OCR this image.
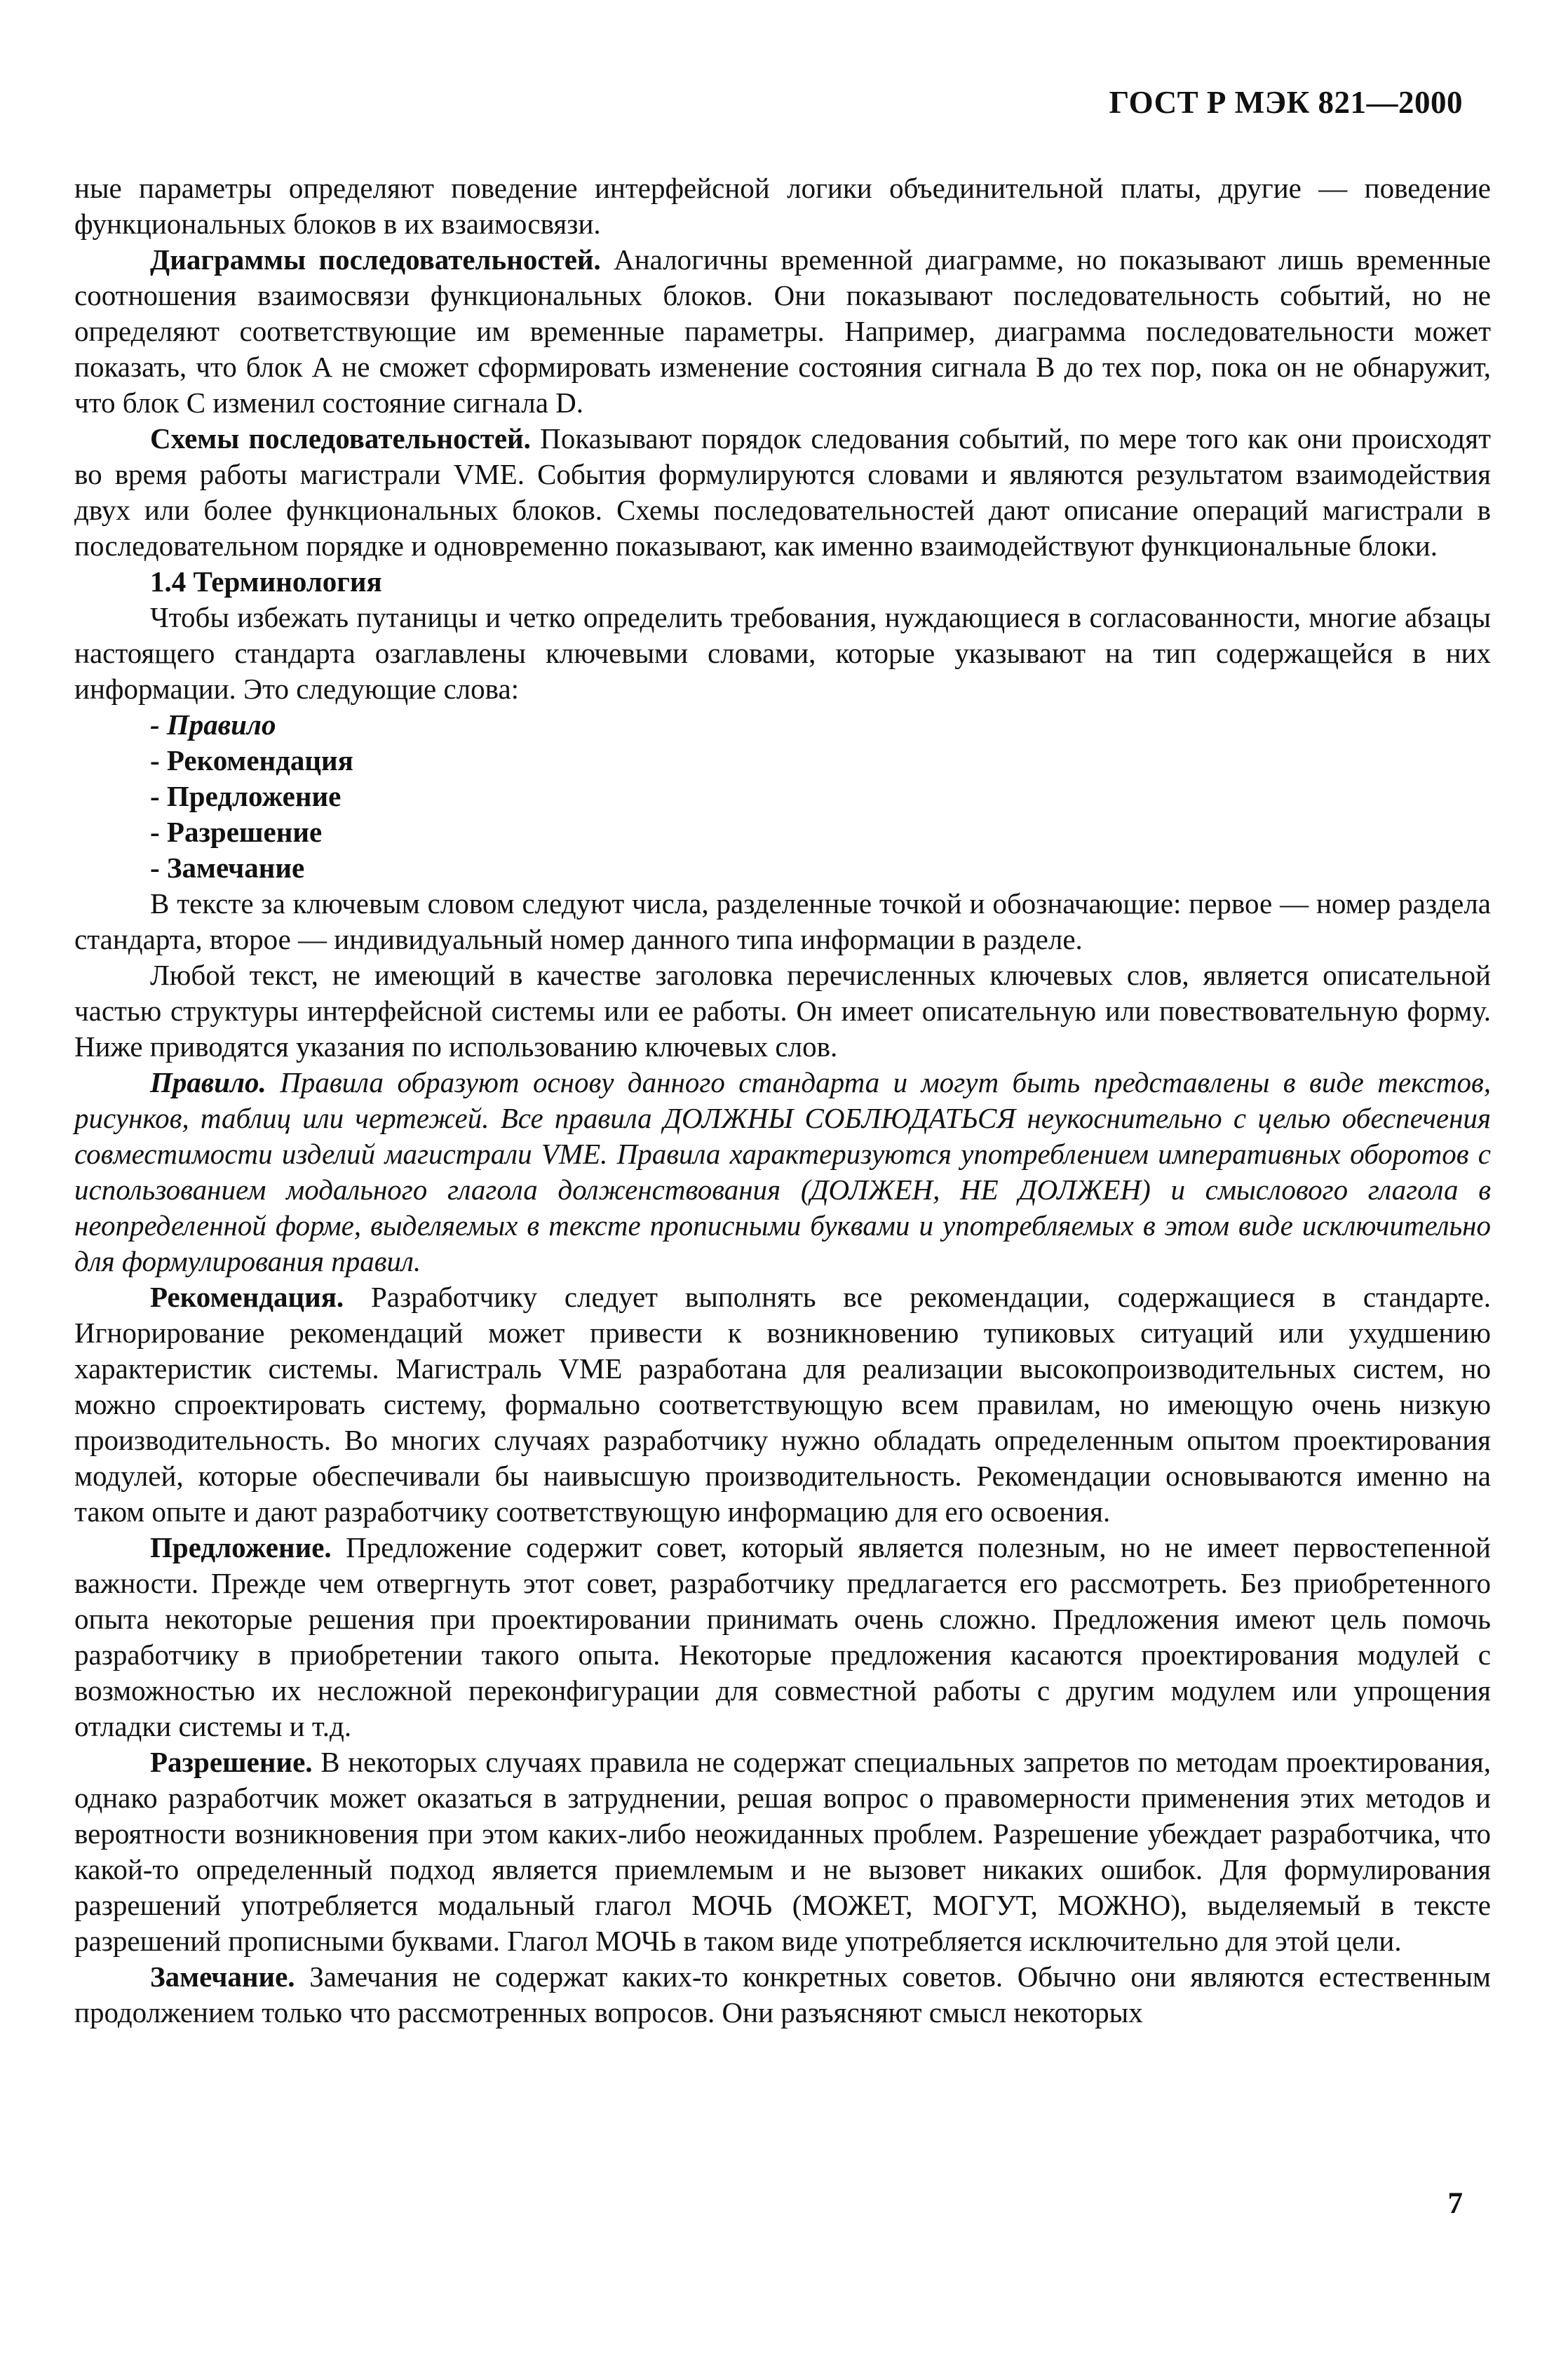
ГОСТ Р МЭК 821—2000

ные параметры определяют поведение интерфейсной логики объединительной платы, другие — поведение функциональных блоков в их взаимосвязи.

Диаграммы последовательностей. Аналогичны временной диаграмме, но показывают лишь временные соотношения взаимосвязи функциональных блоков. Они показывают последовательность событий, но не определяют соответствующие им временные параметры. Например, диаграмма последовательности может показать, что блок А не сможет сформировать изменение состояния сигнала В до тех пор, пока он не обнаружит, что блок С изменил состояние сигнала D.

Схемы последовательностей. Показывают порядок следования событий, по мере того как они происходят во время работы магистрали VME. События формулируются словами и являются результатом взаимодействия двух или более функциональных блоков. Схемы последовательностей дают описание операций магистрали в последовательном порядке и одновременно показывают, как именно взаимодействуют функциональные блоки.

1.4 Терминология

Чтобы избежать путаницы и четко определить требования, нуждающиеся в согласованности, многие абзацы настоящего стандарта озаглавлены ключевыми словами, которые указывают на тип содержащейся в них информации. Это следующие слова:

- Правило
- Рекомендация
- Предложение
- Разрешение
- Замечание

В тексте за ключевым словом следуют числа, разделенные точкой и обозначающие: первое — номер раздела стандарта, второе — индивидуальный номер данного типа информации в разделе.

Любой текст, не имеющий в качестве заголовка перечисленных ключевых слов, является описательной частью структуры интерфейсной системы или ее работы. Он имеет описательную или повествовательную форму. Ниже приводятся указания по использованию ключевых слов.

Правило. Правила образуют основу данного стандарта и могут быть представлены в виде текстов, рисунков, таблиц или чертежей. Все правила ДОЛЖНЫ СОБЛЮДАТЬСЯ неукоснительно с целью обеспечения совместимости изделий магистрали VME. Правила характеризуются употреблением императивных оборотов с использованием модального глагола долженствования (ДОЛЖЕН, НЕ ДОЛЖЕН) и смыслового глагола в неопределенной форме, выделяемых в тексте прописными буквами и употребляемых в этом виде исключительно для формулирования правил.

Рекомендация. Разработчику следует выполнять все рекомендации, содержащиеся в стандарте. Игнорирование рекомендаций может привести к возникновению тупиковых ситуаций или ухудшению характеристик системы. Магистраль VME разработана для реализации высокопроизводительных систем, но можно спроектировать систему, формально соответствующую всем правилам, но имеющую очень низкую производительность. Во многих случаях разработчику нужно обладать определенным опытом проектирования модулей, которые обеспечивали бы наивысшую производительность. Рекомендации основываются именно на таком опыте и дают разработчику соответствующую информацию для его освоения.

Предложение. Предложение содержит совет, который является полезным, но не имеет первостепенной важности. Прежде чем отвергнуть этот совет, разработчику предлагается его рассмотреть. Без приобретенного опыта некоторые решения при проектировании принимать очень сложно. Предложения имеют цель помочь разработчику в приобретении такого опыта. Некоторые предложения касаются проектирования модулей с возможностью их несложной переконфигурации для совместной работы с другим модулем или упрощения отладки системы и т.д.

Разрешение. В некоторых случаях правила не содержат специальных запретов по методам проектирования, однако разработчик может оказаться в затруднении, решая вопрос о правомерности применения этих методов и вероятности возникновения при этом каких-либо неожиданных проблем. Разрешение убеждает разработчика, что какой-то определенный подход является приемлемым и не вызовет никаких ошибок. Для формулирования разрешений употребляется модальный глагол МОЧЬ (МОЖЕТ, МОГУТ, МОЖНО), выделяемый в тексте разрешений прописными буквами. Глагол МОЧЬ в таком виде употребляется исключительно для этой цели.

Замечание. Замечания не содержат каких-то конкретных советов. Обычно они являются естественным продолжением только что рассмотренных вопросов. Они разъясняют смысл некоторых

7
